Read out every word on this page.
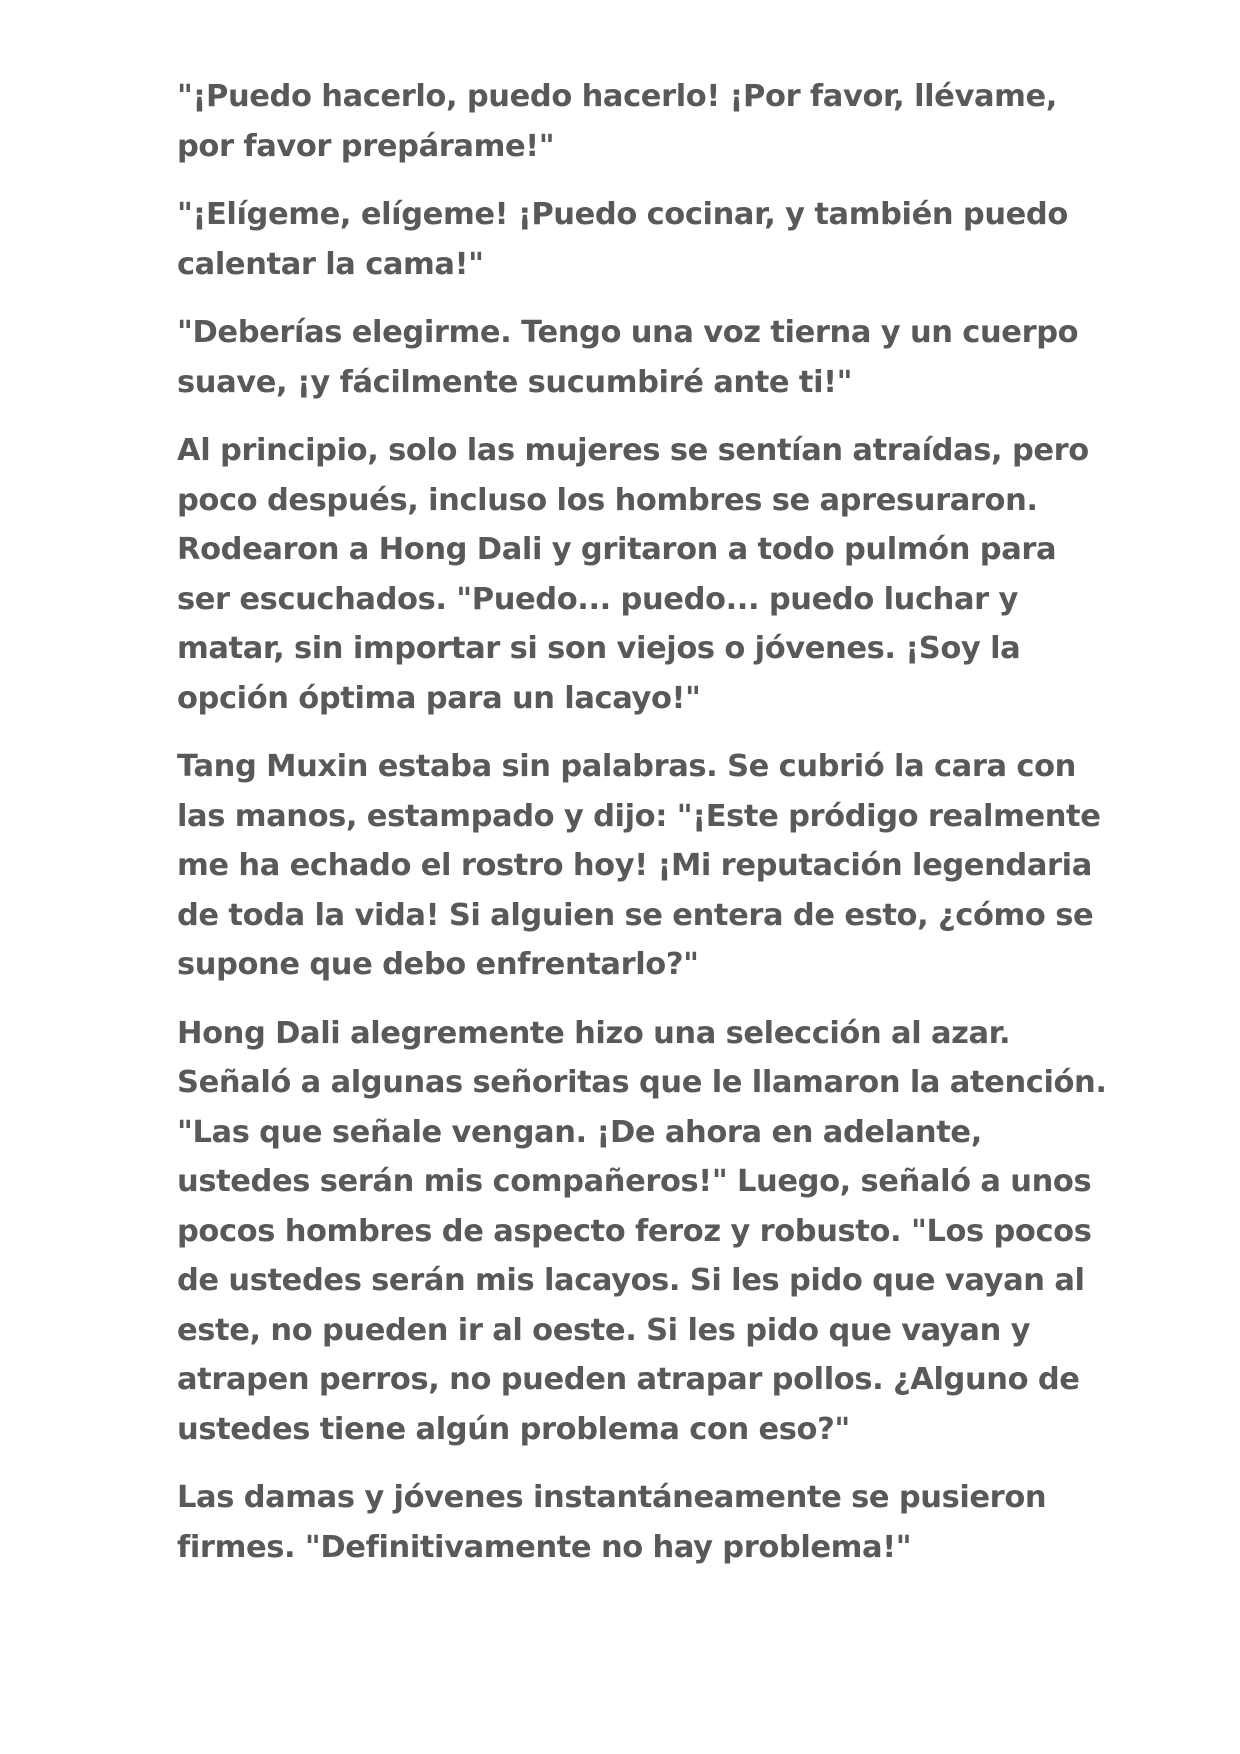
"¡Puedo hacerlo, puedo hacerlo! ¡Por favor, llévame, por favor prepárame!"

"¡Elígeme, elígeme! ¡Puedo cocinar, y también puedo calentar la cama!"

"Deberías elegirme. Tengo una voz tierna y un cuerpo suave, ¡y fácilmente sucumbiré ante ti!"

Al principio, solo las mujeres se sentían atraídas, pero poco después, incluso los hombres se apresuraron. Rodearon a Hong Dali y gritaron a todo pulmón para ser escuchados. "Puedo... puedo... puedo luchar y matar, sin importar si son viejos o jóvenes. ¡Soy la opción óptima para un lacayo!"

Tang Muxin estaba sin palabras. Se cubrió la cara con las manos, estampado y dijo: "¡Este pródigo realmente me ha echado el rostro hoy! ¡Mi reputación legendaria de toda la vida! Si alguien se entera de esto, ¿cómo se supone que debo enfrentarlo?"

Hong Dali alegremente hizo una selección al azar. Señaló a algunas señoritas que le llamaron la atención. "Las que señale vengan. ¡De ahora en adelante, ustedes serán mis compañeros!" Luego, señaló a unos pocos hombres de aspecto feroz y robusto. "Los pocos de ustedes serán mis lacayos. Si les pido que vayan al este, no pueden ir al oeste. Si les pido que vayan y atrapen perros, no pueden atrapar pollos. ¿Alguno de ustedes tiene algún problema con eso?"

Las damas y jóvenes instantáneamente se pusieron firmes. "Definitivamente no hay problema!"
